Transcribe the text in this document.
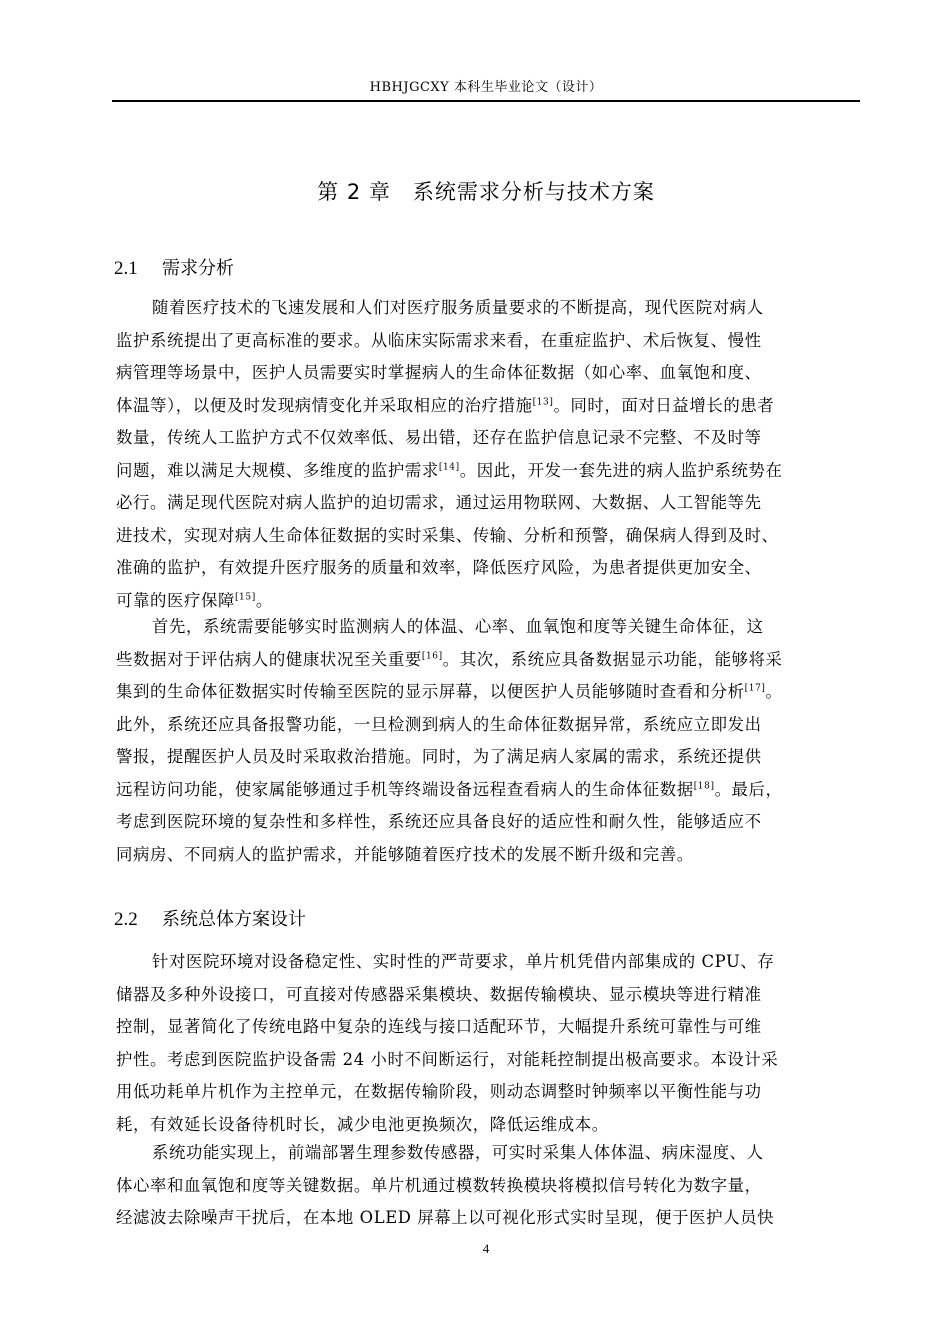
HBHJGCXY 本科生毕业论文（设计）
第 2 章　系统需求分析与技术方案
2.1 需求分析
随着医疗技术的飞速发展和人们对医疗服务质量要求的不断提高，现代医院对病人
监护系统提出了更高标准的要求。从临床实际需求来看，在重症监护、术后恢复、慢性
病管理等场景中，医护人员需要实时掌握病人的生命体征数据（如心率、血氧饱和度、
体温等），以便及时发现病情变化并采取相应的治疗措施[13]。同时，面对日益增长的患者
数量，传统人工监护方式不仅效率低、易出错，还存在监护信息记录不完整、不及时等
问题，难以满足大规模、多维度的监护需求[14]。因此，开发一套先进的病人监护系统势在
必行。满足现代医院对病人监护的迫切需求，通过运用物联网、大数据、人工智能等先
进技术，实现对病人生命体征数据的实时采集、传输、分析和预警，确保病人得到及时、
准确的监护，有效提升医疗服务的质量和效率，降低医疗风险，为患者提供更加安全、
可靠的医疗保障[15]。
首先，系统需要能够实时监测病人的体温、心率、血氧饱和度等关键生命体征，这
些数据对于评估病人的健康状况至关重要[16]。其次，系统应具备数据显示功能，能够将采
集到的生命体征数据实时传输至医院的显示屏幕，以便医护人员能够随时查看和分析[17]。
此外，系统还应具备报警功能，一旦检测到病人的生命体征数据异常，系统应立即发出
警报，提醒医护人员及时采取救治措施。同时，为了满足病人家属的需求，系统还提供
远程访问功能，使家属能够通过手机等终端设备远程查看病人的生命体征数据[18]。最后，
考虑到医院环境的复杂性和多样性，系统还应具备良好的适应性和耐久性，能够适应不
同病房、不同病人的监护需求，并能够随着医疗技术的发展不断升级和完善。
2.2 系统总体方案设计
针对医院环境对设备稳定性、实时性的严苛要求，单片机凭借内部集成的 CPU、存
储器及多种外设接口，可直接对传感器采集模块、数据传输模块、显示模块等进行精准
控制，显著简化了传统电路中复杂的连线与接口适配环节，大幅提升系统可靠性与可维
护性。考虑到医院监护设备需 24 小时不间断运行，对能耗控制提出极高要求。本设计采
用低功耗单片机作为主控单元，在数据传输阶段，则动态调整时钟频率以平衡性能与功
耗，有效延长设备待机时长，减少电池更换频次，降低运维成本。
系统功能实现上，前端部署生理参数传感器，可实时采集人体体温、病床湿度、人
体心率和血氧饱和度等关键数据。单片机通过模数转换模块将模拟信号转化为数字量，
经滤波去除噪声干扰后，在本地 OLED 屏幕上以可视化形式实时呈现，便于医护人员快
4
